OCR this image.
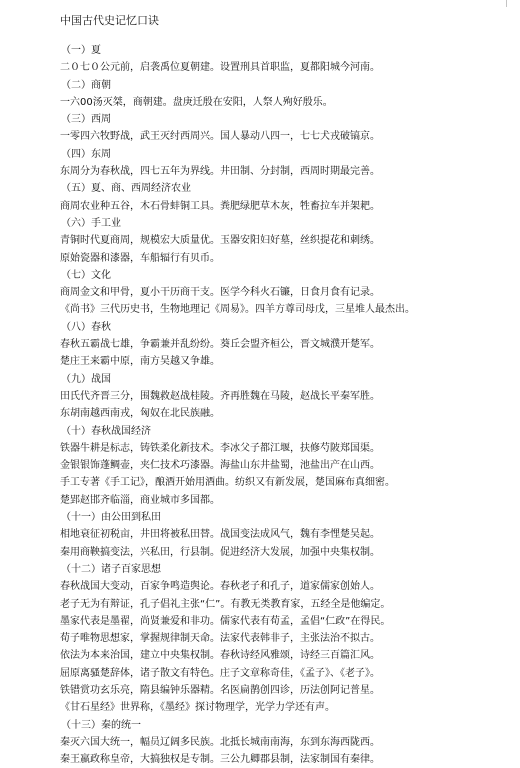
中国古代史记忆口诀
（一）夏
二０七０公元前，启袭禹位夏朝建。设置刑具首职监，夏都阳城今河南。
（二）商朝
一六00汤灭桀，商朝建。盘庚迁殷在安阳，人祭人殉好殷乐。
（三）西周
一零四六牧野战，武王灭纣西周兴。国人暴动八四一，七七犬戎破镐京。
（四）东周
东周分为春秋战，四七五年为界线。井田制、分封制，西周时期最完善。
（五）夏、商、西周经济农业
商周农业种五谷，木石骨蚌铜工具。粪肥绿肥草木灰，牲畜拉车并架耙。
（六）手工业
青铜时代夏商周，规模宏大质量优。玉器安阳妇好墓，丝织提花和刺绣。
原始瓷器和漆器，车船辐行有贝币。
（七）文化
商周金文和甲骨，夏小干历商干支。医学今科火石镰，日食月食有记录。
《尚书》三代历史书，生物地理记《周易》。四羊方尊司母戊，三星堆人最杰出。
（八）春秋
春秋五霸战七雄，争霸兼并乱纷纷。葵丘会盟齐桓公，晋文城濮开楚军。
楚庄王来霸中原，南方吴越又争雄。
（九）战国
田氏代齐晋三分，围魏救赵战桂陵。齐再胜魏在马陵，赵战长平秦军胜。
东胡南越西南戎，匈奴在北民族融。
（十）春秋战国经济
铁器牛耕是标志，铸铁柔化新技术。李冰父子都江堰，扶修芍陂郑国渠。
金银银饰蓬鲷壶，夹仁技术巧漆器。海盐山东井盐蜀，池盐出产在山西。
手工专著《手工记》，酿酒开始用酒曲。纺织又有新发展，楚国麻布真细密。
楚郢赵邯齐临淄，商业城市多国都。
（十一）由公田到私田
相地衰征初税亩，井田将被私田替。战国变法成风气，魏有李悝楚吴起。
秦用商鞅搞变法，兴私田，行县制。促进经济大发展，加强中央集权制。
（十二）诸子百家思想
春秋战国大变动，百家争鸣造舆论。春秋老子和孔子，道家儒家创始人。
老子无为有辩证，孔子倡礼主张“仁”。有教无类教育家，五经全是他编定。
墨家代表是墨翟，尚贤兼爱和非功。儒家代表有荀孟，孟倡“仁政”在得民。
荀子唯物思想家，掌握规律制天命。法家代表韩非子，主张法治不拟古。
依法为本来治国，建立中央集权制。春秋诗经风雅颂，诗经三百篇汇风。
屈原离骚楚辞体，诸子散文有特色。庄子文章称奇佳，《孟子》、《老子》。
铁镨赏功玄乐亮，隋县编钟乐器精。名医扁鹊创四诊，历法创阿记普星。
《甘石星经》世界称，《墨经》探讨物理学，光学力学还有声。
（十三）秦的统一
秦灭六国大统一，幅员辽阔多民族。北抵长城南南海，东到东海西陇西。
秦王嬴政称皇帝，大搞独权是专制。三公九卿郡县制，法家制国有秦律。
